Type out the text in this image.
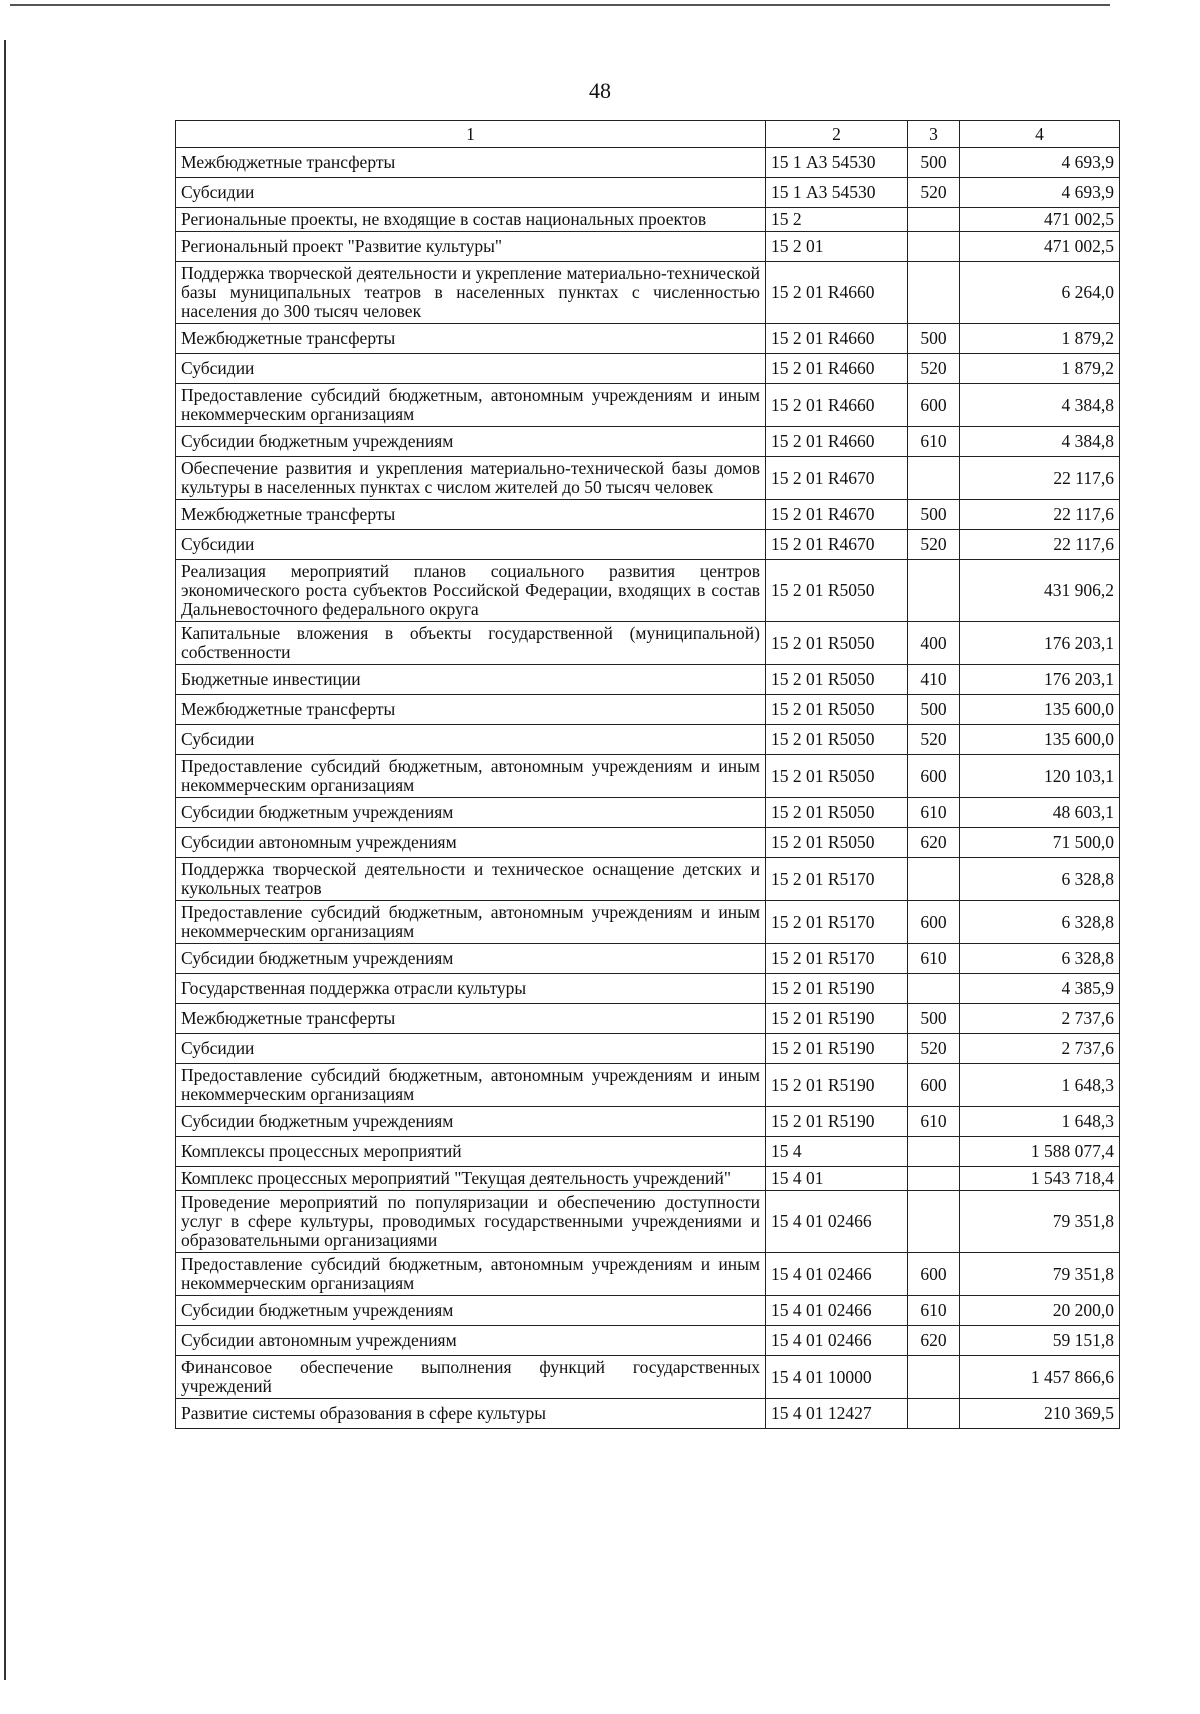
48
1	2	3	4
Межбюджетные трансферты	15 1 А3 54530	500	4 693,9
Субсидии	15 1 А3 54530	520	4 693,9
Региональные проекты, не входящие в состав национальных проектов	15 2		471 002,5
Региональный проект "Развитие культуры"	15 2 01		471 002,5
Поддержка творческой деятельности и укрепление материально-технической базы муниципальных театров в населенных пунктах с численностью населения до 300 тысяч человек	15 2 01 R4660		6 264,0
Межбюджетные трансферты	15 2 01 R4660	500	1 879,2
Субсидии	15 2 01 R4660	520	1 879,2
Предоставление субсидий бюджетным, автономным учреждениям и иным некоммерческим организациям	15 2 01 R4660	600	4 384,8
Субсидии бюджетным учреждениям	15 2 01 R4660	610	4 384,8
Обеспечение развития и укрепления материально-технической базы домов культуры в населенных пунктах с числом жителей до 50 тысяч человек	15 2 01 R4670		22 117,6
Межбюджетные трансферты	15 2 01 R4670	500	22 117,6
Субсидии	15 2 01 R4670	520	22 117,6
Реализация мероприятий планов социального развития центров экономического роста субъектов Российской Федерации, входящих в состав Дальневосточного федерального округа	15 2 01 R5050		431 906,2
Капитальные вложения в объекты государственной (муниципальной) собственности	15 2 01 R5050	400	176 203,1
Бюджетные инвестиции	15 2 01 R5050	410	176 203,1
Межбюджетные трансферты	15 2 01 R5050	500	135 600,0
Субсидии	15 2 01 R5050	520	135 600,0
Предоставление субсидий бюджетным, автономным учреждениям и иным некоммерческим организациям	15 2 01 R5050	600	120 103,1
Субсидии бюджетным учреждениям	15 2 01 R5050	610	48 603,1
Субсидии автономным учреждениям	15 2 01 R5050	620	71 500,0
Поддержка творческой деятельности и техническое оснащение детских и кукольных театров	15 2 01 R5170		6 328,8
Предоставление субсидий бюджетным, автономным учреждениям и иным некоммерческим организациям	15 2 01 R5170	600	6 328,8
Субсидии бюджетным учреждениям	15 2 01 R5170	610	6 328,8
Государственная поддержка отрасли культуры	15 2 01 R5190		4 385,9
Межбюджетные трансферты	15 2 01 R5190	500	2 737,6
Субсидии	15 2 01 R5190	520	2 737,6
Предоставление субсидий бюджетным, автономным учреждениям и иным некоммерческим организациям	15 2 01 R5190	600	1 648,3
Субсидии бюджетным учреждениям	15 2 01 R5190	610	1 648,3
Комплексы процессных мероприятий	15 4		1 588 077,4
Комплекс процессных мероприятий "Текущая деятельность учреждений"	15 4 01		1 543 718,4
Проведение мероприятий по популяризации и обеспечению доступности услуг в сфере культуры, проводимых государственными учреждениями и образовательными организациями	15 4 01 02466		79 351,8
Предоставление субсидий бюджетным, автономным учреждениям и иным некоммерческим организациям	15 4 01 02466	600	79 351,8
Субсидии бюджетным учреждениям	15 4 01 02466	610	20 200,0
Субсидии автономным учреждениям	15 4 01 02466	620	59 151,8
Финансовое обеспечение выполнения функций государственных учреждений	15 4 01 10000		1 457 866,6
Развитие системы образования в сфере культуры	15 4 01 12427		210 369,5
